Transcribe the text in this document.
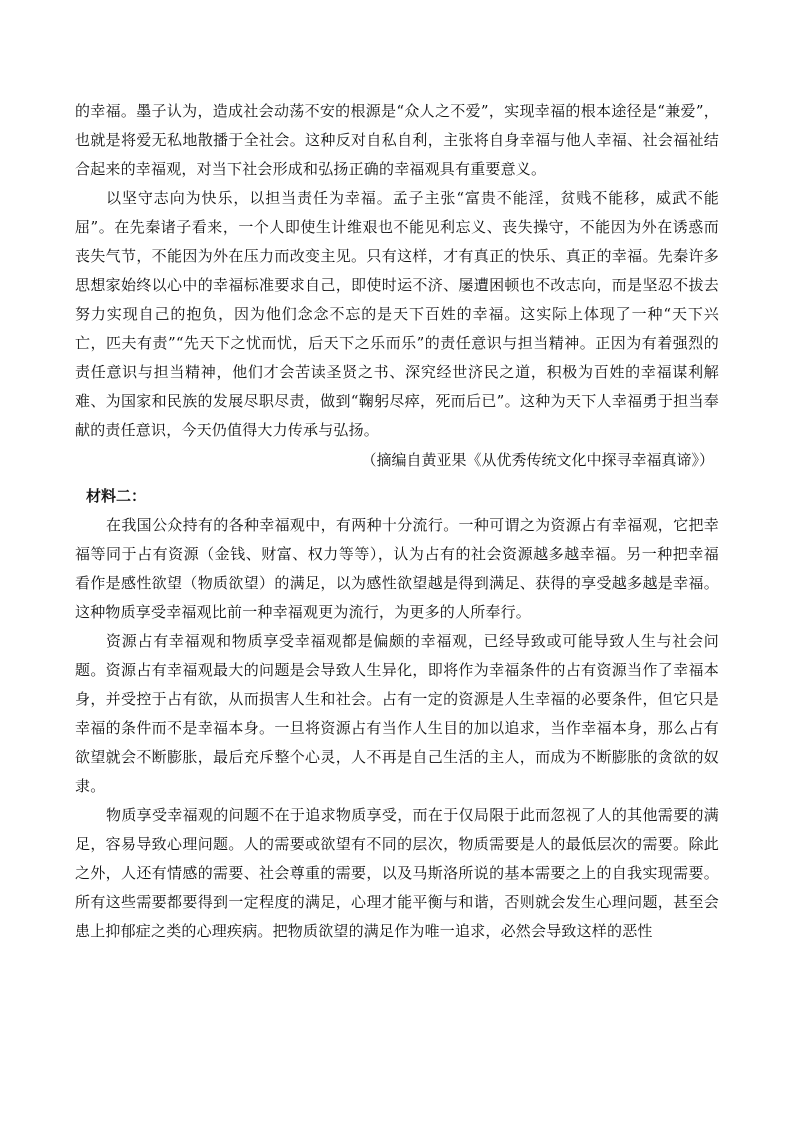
的幸福。墨子认为，造成社会动荡不安的根源是“众人之不爱”，实现幸福的根本途径是“兼爱”，也就是将爱无私地散播于全社会。这种反对自私自利，主张将自身幸福与他人幸福、社会福祉结合起来的幸福观，对当下社会形成和弘扬正确的幸福观具有重要意义。

以坚守志向为快乐，以担当责任为幸福。孟子主张“富贵不能淫，贫贱不能移，威武不能屈”。在先秦诸子看来，一个人即使生计维艰也不能见利忘义、丧失操守，不能因为外在诱惑而丧失气节，不能因为外在压力而改变主见。只有这样，才有真正的快乐、真正的幸福。先秦许多思想家始终以心中的幸福标准要求自己，即使时运不济、屡遭困顿也不改志向，而是坚忍不拔去努力实现自己的抱负，因为他们念念不忘的是天下百姓的幸福。这实际上体现了一种“天下兴亡，匹夫有责”“先天下之忧而忧，后天下之乐而乐”的责任意识与担当精神。正因为有着强烈的责任意识与担当精神，他们才会苦读圣贤之书、深究经世济民之道，积极为百姓的幸福谋利解难、为国家和民族的发展尽职尽责，做到“鞠躬尽瘁，死而后已”。这种为天下人幸福勇于担当奉献的责任意识，今天仍值得大力传承与弘扬。

（摘编自黄亚果《从优秀传统文化中探寻幸福真谛》）

材料二：

在我国公众持有的各种幸福观中，有两种十分流行。一种可谓之为资源占有幸福观，它把幸福等同于占有资源（金钱、财富、权力等等），认为占有的社会资源越多越幸福。另一种把幸福看作是感性欲望（物质欲望）的满足，以为感性欲望越是得到满足、获得的享受越多越是幸福。这种物质享受幸福观比前一种幸福观更为流行，为更多的人所奉行。

资源占有幸福观和物质享受幸福观都是偏颇的幸福观，已经导致或可能导致人生与社会问题。资源占有幸福观最大的问题是会导致人生异化，即将作为幸福条件的占有资源当作了幸福本身，并受控于占有欲，从而损害人生和社会。占有一定的资源是人生幸福的必要条件，但它只是幸福的条件而不是幸福本身。一旦将资源占有当作人生目的加以追求，当作幸福本身，那么占有欲望就会不断膨胀，最后充斥整个心灵，人不再是自己生活的主人，而成为不断膨胀的贪欲的奴隶。

物质享受幸福观的问题不在于追求物质享受，而在于仅局限于此而忽视了人的其他需要的满足，容易导致心理问题。人的需要或欲望有不同的层次，物质需要是人的最低层次的需要。除此之外，人还有情感的需要、社会尊重的需要，以及马斯洛所说的基本需要之上的自我实现需要。所有这些需要都要得到一定程度的满足，心理才能平衡与和谐，否则就会发生心理问题，甚至会患上抑郁症之类的心理疾病。把物质欲望的满足作为唯一追求，必然会导致这样的恶性
